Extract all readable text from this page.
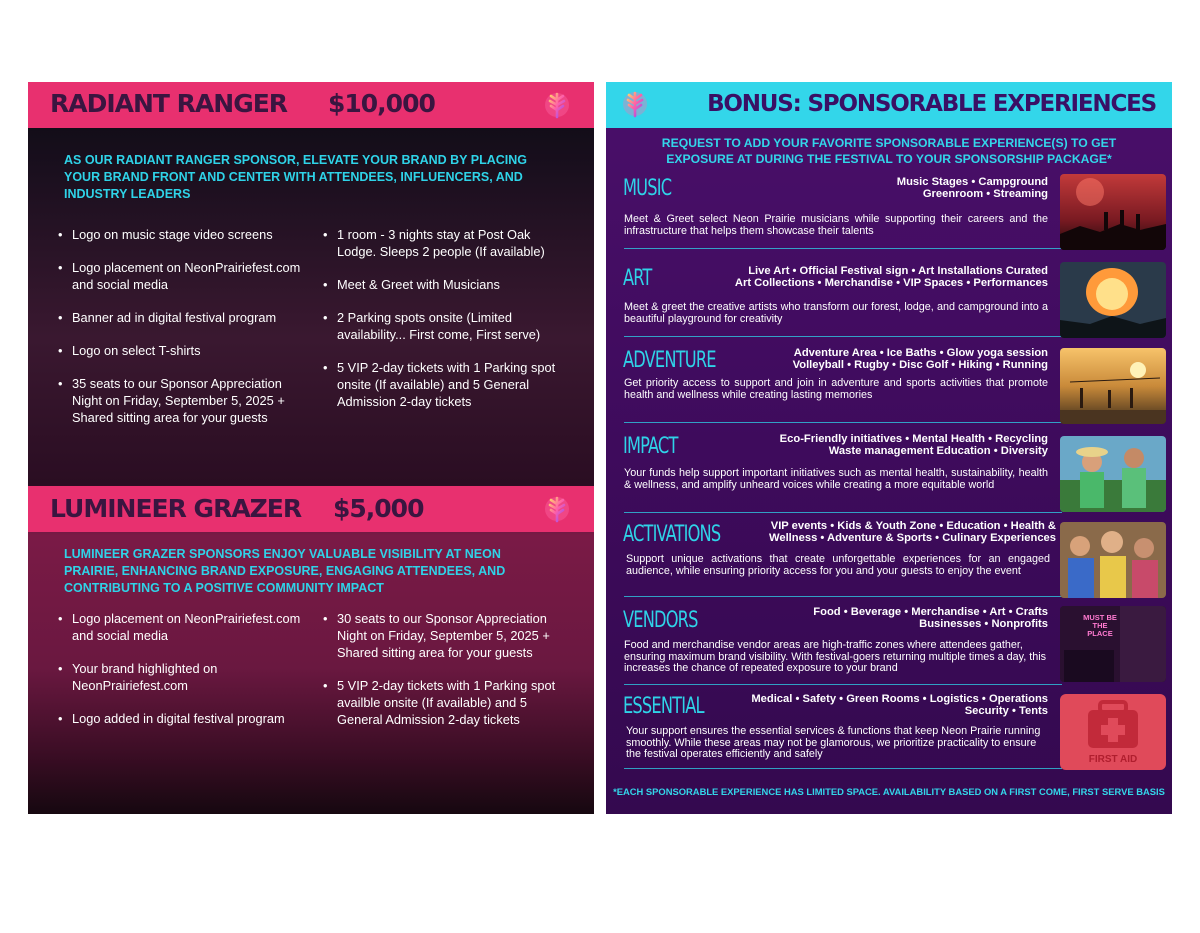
RADIANT RANGER $10,000
AS OUR RADIANT RANGER SPONSOR, ELEVATE YOUR BRAND BY PLACING YOUR BRAND FRONT AND CENTER WITH ATTENDEES, INFLUENCERS, AND INDUSTRY LEADERS
• Logo on music stage video screens
• Logo placement on NeonPrairiefest.com and social media
• Banner ad in digital festival program
• Logo on select T-shirts
• 35 seats to our Sponsor Appreciation Night on Friday, September 5, 2025 + Shared sitting area for your guests
• 1 room - 3 nights stay at Post Oak Lodge. Sleeps 2 people (If available)
• Meet & Greet with Musicians
• 2 Parking spots onsite (Limited availability... First come, First serve)
• 5 VIP 2-day tickets with 1 Parking spot onsite (If available) and 5 General Admission 2-day tickets
LUMINEER GRAZER $5,000
LUMINEER GRAZER SPONSORS ENJOY VALUABLE VISIBILITY AT NEON PRAIRIE, ENHANCING BRAND EXPOSURE, ENGAGING ATTENDEES, AND CONTRIBUTING TO A POSITIVE COMMUNITY IMPACT
• Logo placement on NeonPrairiefest.com and social media
• Your brand highlighted on NeonPrairiefest.com
• Logo added in digital festival program
• 30 seats to our Sponsor Appreciation Night on Friday, September 5, 2025 + Shared sitting area for your guests
• 5 VIP 2-day tickets with 1 Parking spot availble onsite (If available) and 5 General Admission 2-day tickets
BONUS: SPONSORABLE EXPERIENCES
REQUEST TO ADD YOUR FAVORITE SPONSORABLE EXPERIENCE(S) TO GET EXPOSURE AT DURING THE FESTIVAL TO YOUR SPONSORSHIP PACKAGE*
MUSIC	Music Stages • Campground
Greenroom • Streaming
Meet & Greet select Neon Prairie musicians while supporting their careers and the infrastructure that helps them showcase their talents
ART	Live Art • Official Festival sign • Art Installations Curated
Art Collections • Merchandise • VIP Spaces • Performances
Meet & greet the creative artists who transform our forest, lodge, and campground into a beautiful playground for creativity
ADVENTURE	Adventure Area • Ice Baths • Glow yoga session
Volleyball • Rugby • Disc Golf • Hiking • Running
Get priority access to support and join in adventure and sports activities that promote health and wellness while creating lasting memories
IMPACT	Eco-Friendly initiatives • Mental Health • Recycling
Waste management Education • Diversity
Your funds help support important initiatives such as mental health, sustainability, health & wellness, and amplify unheard voices while creating a more equitable world
ACTIVATIONS	VIP events • Kids & Youth Zone • Education • Health &
Wellness • Adventure & Sports • Culinary Experiences
Support unique activations that create unforgettable experiences for an engaged audience, while ensuring priority access for you and your guests to enjoy the event
VENDORS	Food • Beverage • Merchandise • Art • Crafts
Businesses • Nonprofits
Food and merchandise vendor areas are high-traffic zones where attendees gather, ensuring maximum brand visibility. With festival-goers returning multiple times a day, this increases the chance of repeated exposure to your brand
MUST BE THE PLACE
ESSENTIAL	Medical • Safety • Green Rooms • Logistics • Operations
Security • Tents
Your support ensures the essential services & functions that keep Neon Prairie running smoothly. While these areas may not be glamorous, we prioritize practicality to ensure the festival operates efficiently and safely	FIRST AID
*EACH SPONSORABLE EXPERIENCE HAS LIMITED SPACE. AVAILABILITY BASED ON A FIRST COME, FIRST SERVE BASIS
